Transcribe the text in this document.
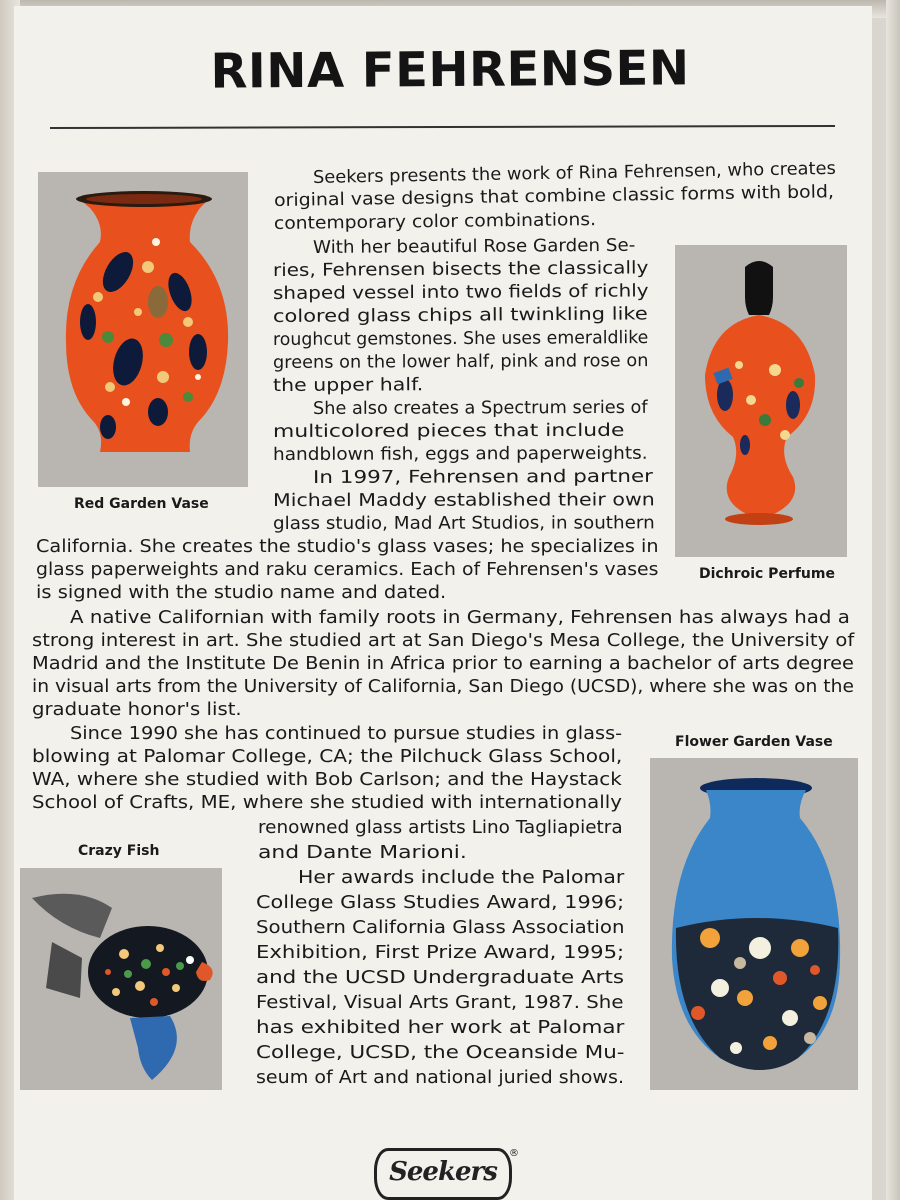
RINA FEHRENSEN
Red Garden Vase
Dichroic Perfume
Flower Garden Vase
Crazy Fish
Seekers presents the work of Rina Fehrensen, who creates
original vase designs that combine classic forms with bold,
contemporary color combinations.
With her beautiful Rose Garden Se-
ries, Fehrensen bisects the classically
shaped vessel into two fields of richly
colored glass chips all twinkling like
roughcut gemstones. She uses emeraldlike
greens on the lower half, pink and rose on
the upper half.
She also creates a Spectrum series of
multicolored pieces that include
handblown fish, eggs and paperweights.
In 1997, Fehrensen and partner
Michael Maddy established their own
glass studio, Mad Art Studios, in southern
California. She creates the studio's glass vases; he specializes in
glass paperweights and raku ceramics. Each of Fehrensen's vases
is signed with the studio name and dated.
A native Californian with family roots in Germany, Fehrensen has always had a
strong interest in art. She studied art at San Diego's Mesa College, the University of
Madrid and the Institute De Benin in Africa prior to earning a bachelor of arts degree
in visual arts from the University of California, San Diego (UCSD), where she was on the
graduate honor's list.
Since 1990 she has continued to pursue studies in glass-
blowing at Palomar College, CA; the Pilchuck Glass School,
WA, where she studied with Bob Carlson; and the Haystack
School of Crafts, ME, where she studied with internationally
renowned glass artists Lino Tagliapietra
and Dante Marioni.
Her awards include the Palomar
College Glass Studies Award, 1996;
Southern California Glass Association
Exhibition, First Prize Award, 1995;
and the UCSD Undergraduate Arts
Festival, Visual Arts Grant, 1987. She
has exhibited her work at Palomar
College, UCSD, the Oceanside Mu-
seum of Art and national juried shows.
Seekers
®
